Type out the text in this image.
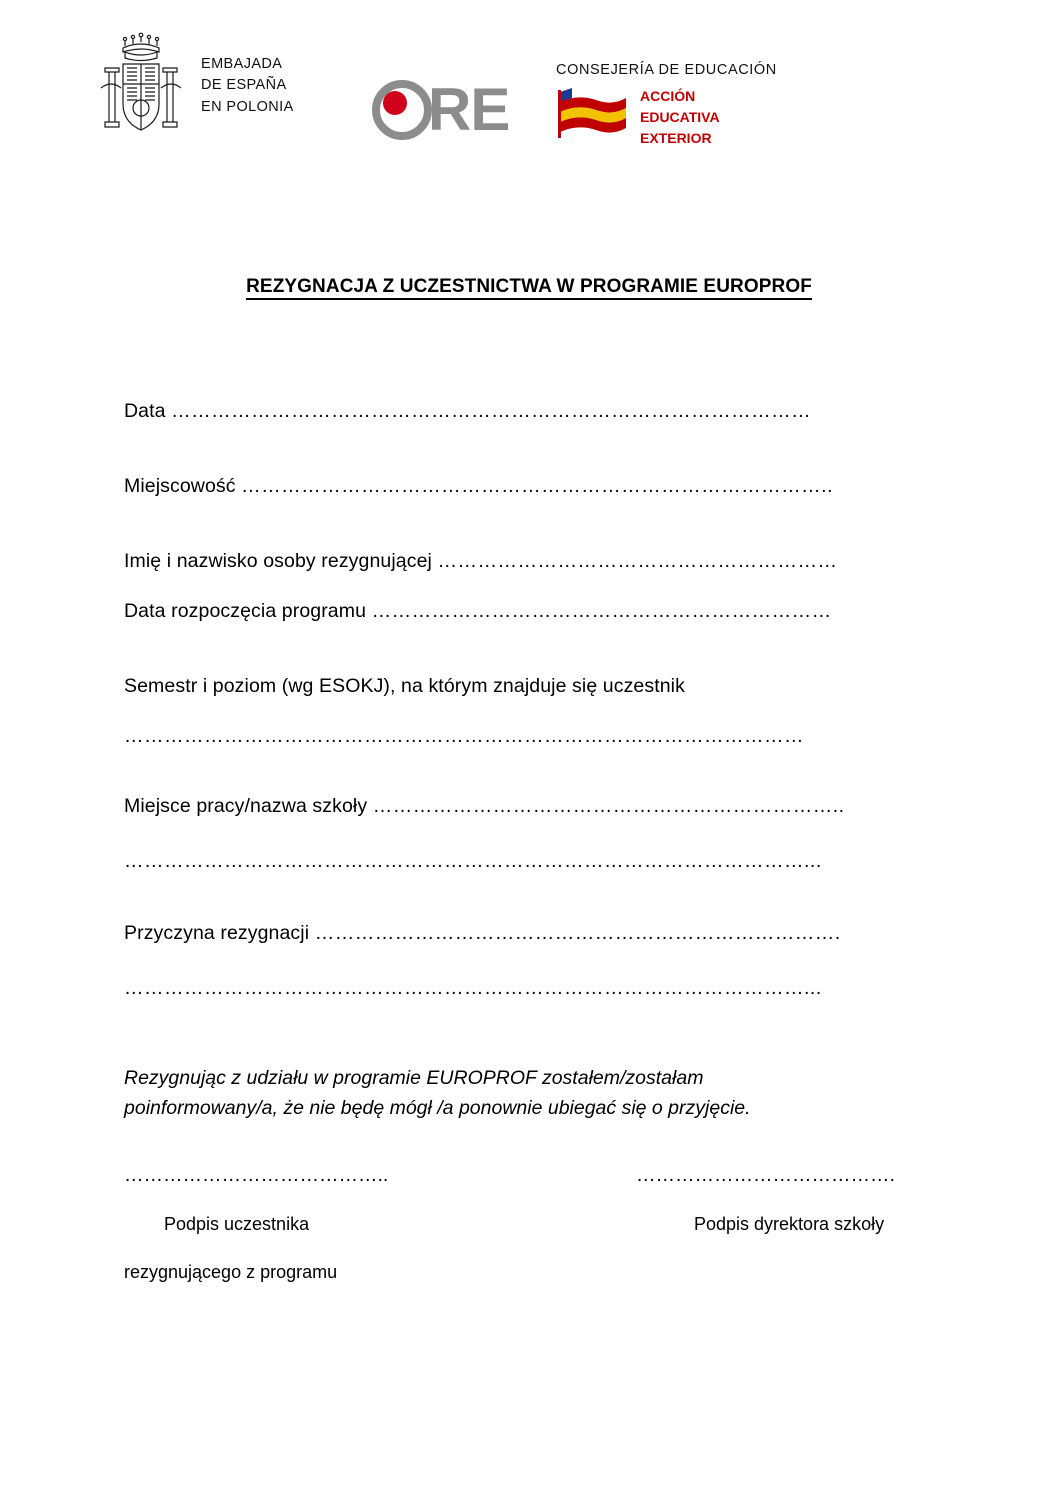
EMBAJADA
DE ESPAÑA
EN POLONIA RE
CONSEJERÍA DE EDUCACIÓN
ACCIÓN
EDUCATIVA
EXTERIOR
REZYGNACJA Z UCZESTNICTWA W PROGRAMIE EUROPROF
Data ……………………………………………………………………………………
Miejscowość ……………………………………………………………………………..
Imię i nazwisko osoby rezygnującej ……………………………………………………
Data rozpoczęcia programu ……………………………………………………………
Semestr i poziom (wg ESOKJ), na którym znajduje się uczestnik
…………………………………………………………………………………………
Miejsce pracy/nazwa szkoły ……………………………………………………………..
…………………………………………………………………………………………...
Przyczyna rezygnacji …………………………………………………………………….
…………………………………………………………………………………………...
Rezygnując z udziału w programie EUROPROF zostałem/zostałam
poinformowany/a, że nie będę mógł /a ponownie ubiegać się o przyjęcie.
…………………………………..	………………………………….
Podpis uczestnika	Podpis dyrektora szkoły
rezygnującego z programu
